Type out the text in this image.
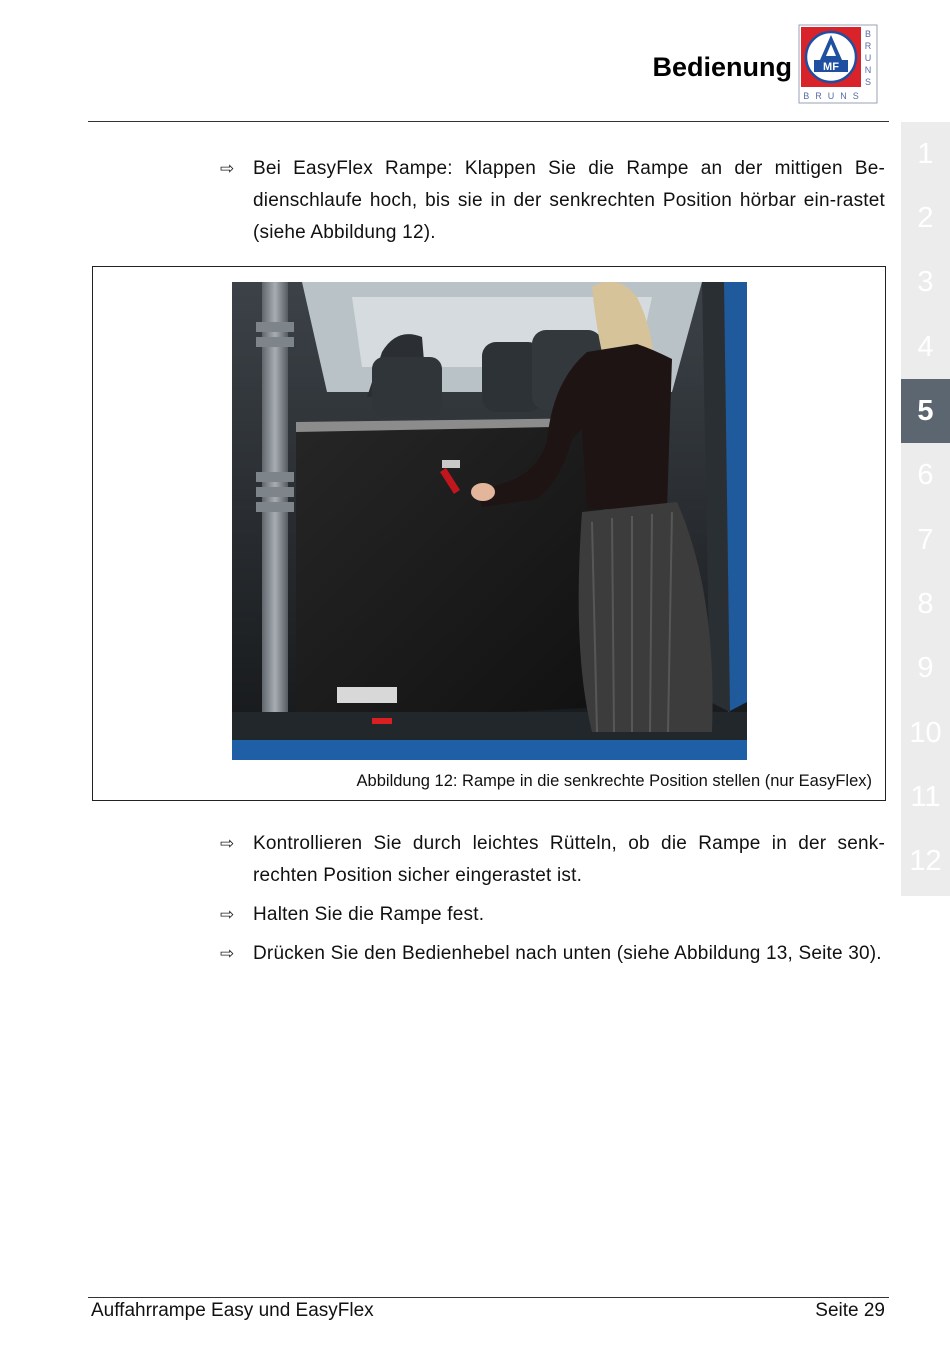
Bedienung	MF
B
R
U
N
S
BRUNS
1
2
3
4
5
6
7
8
9
10
11
12
⇨ Bei EasyFlex Rampe: Klappen Sie die Rampe an der mittigen Be-dienschlaufe hoch, bis sie in der senkrechten Position hörbar ein-rastet (siehe Abbildung 12).
Abbildung 12: Rampe in die senkrechte Position stellen (nur EasyFlex)
⇨ Kontrollieren Sie durch leichtes Rütteln, ob die Rampe in der senk-rechten Position sicher eingerastet ist.
⇨ Halten Sie die Rampe fest.
⇨ Drücken Sie den Bedienhebel nach unten (siehe Abbildung 13, Seite 30).
Auffahrrampe Easy und EasyFlex	Seite 29
